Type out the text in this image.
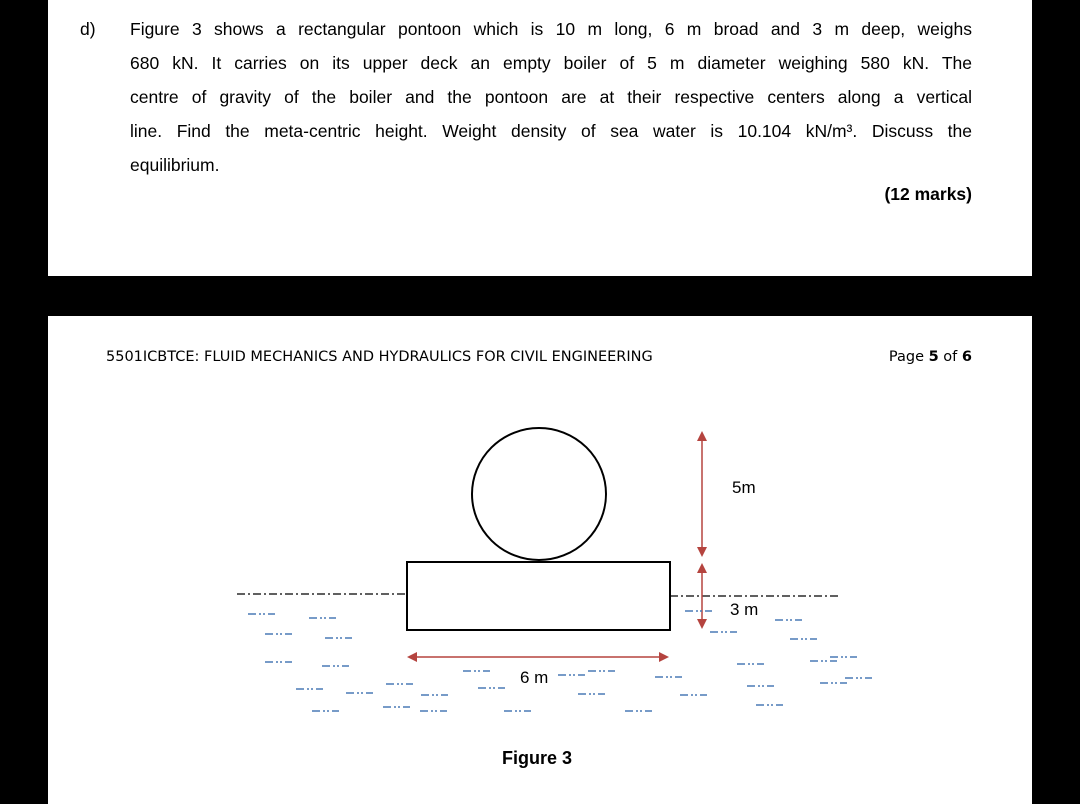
d) Figure 3 shows a rectangular pontoon which is 10 m long, 6 m broad and 3 m deep, weighs

680 kN. It carries on its upper deck an empty boiler of 5 m diameter weighing 580 kN. The

centre of gravity of the boiler and the pontoon are at their respective centers along a vertical

line. Find the meta-centric height. Weight density of sea water is 10.104 kN/m³. Discuss the

equilibrium.

(12 marks)
5501ICBTCE: FLUID MECHANICS AND HYDRAULICS FOR CIVIL ENGINEERING	Page 5 of 6
5m
3 m
6 m
Figure 3
